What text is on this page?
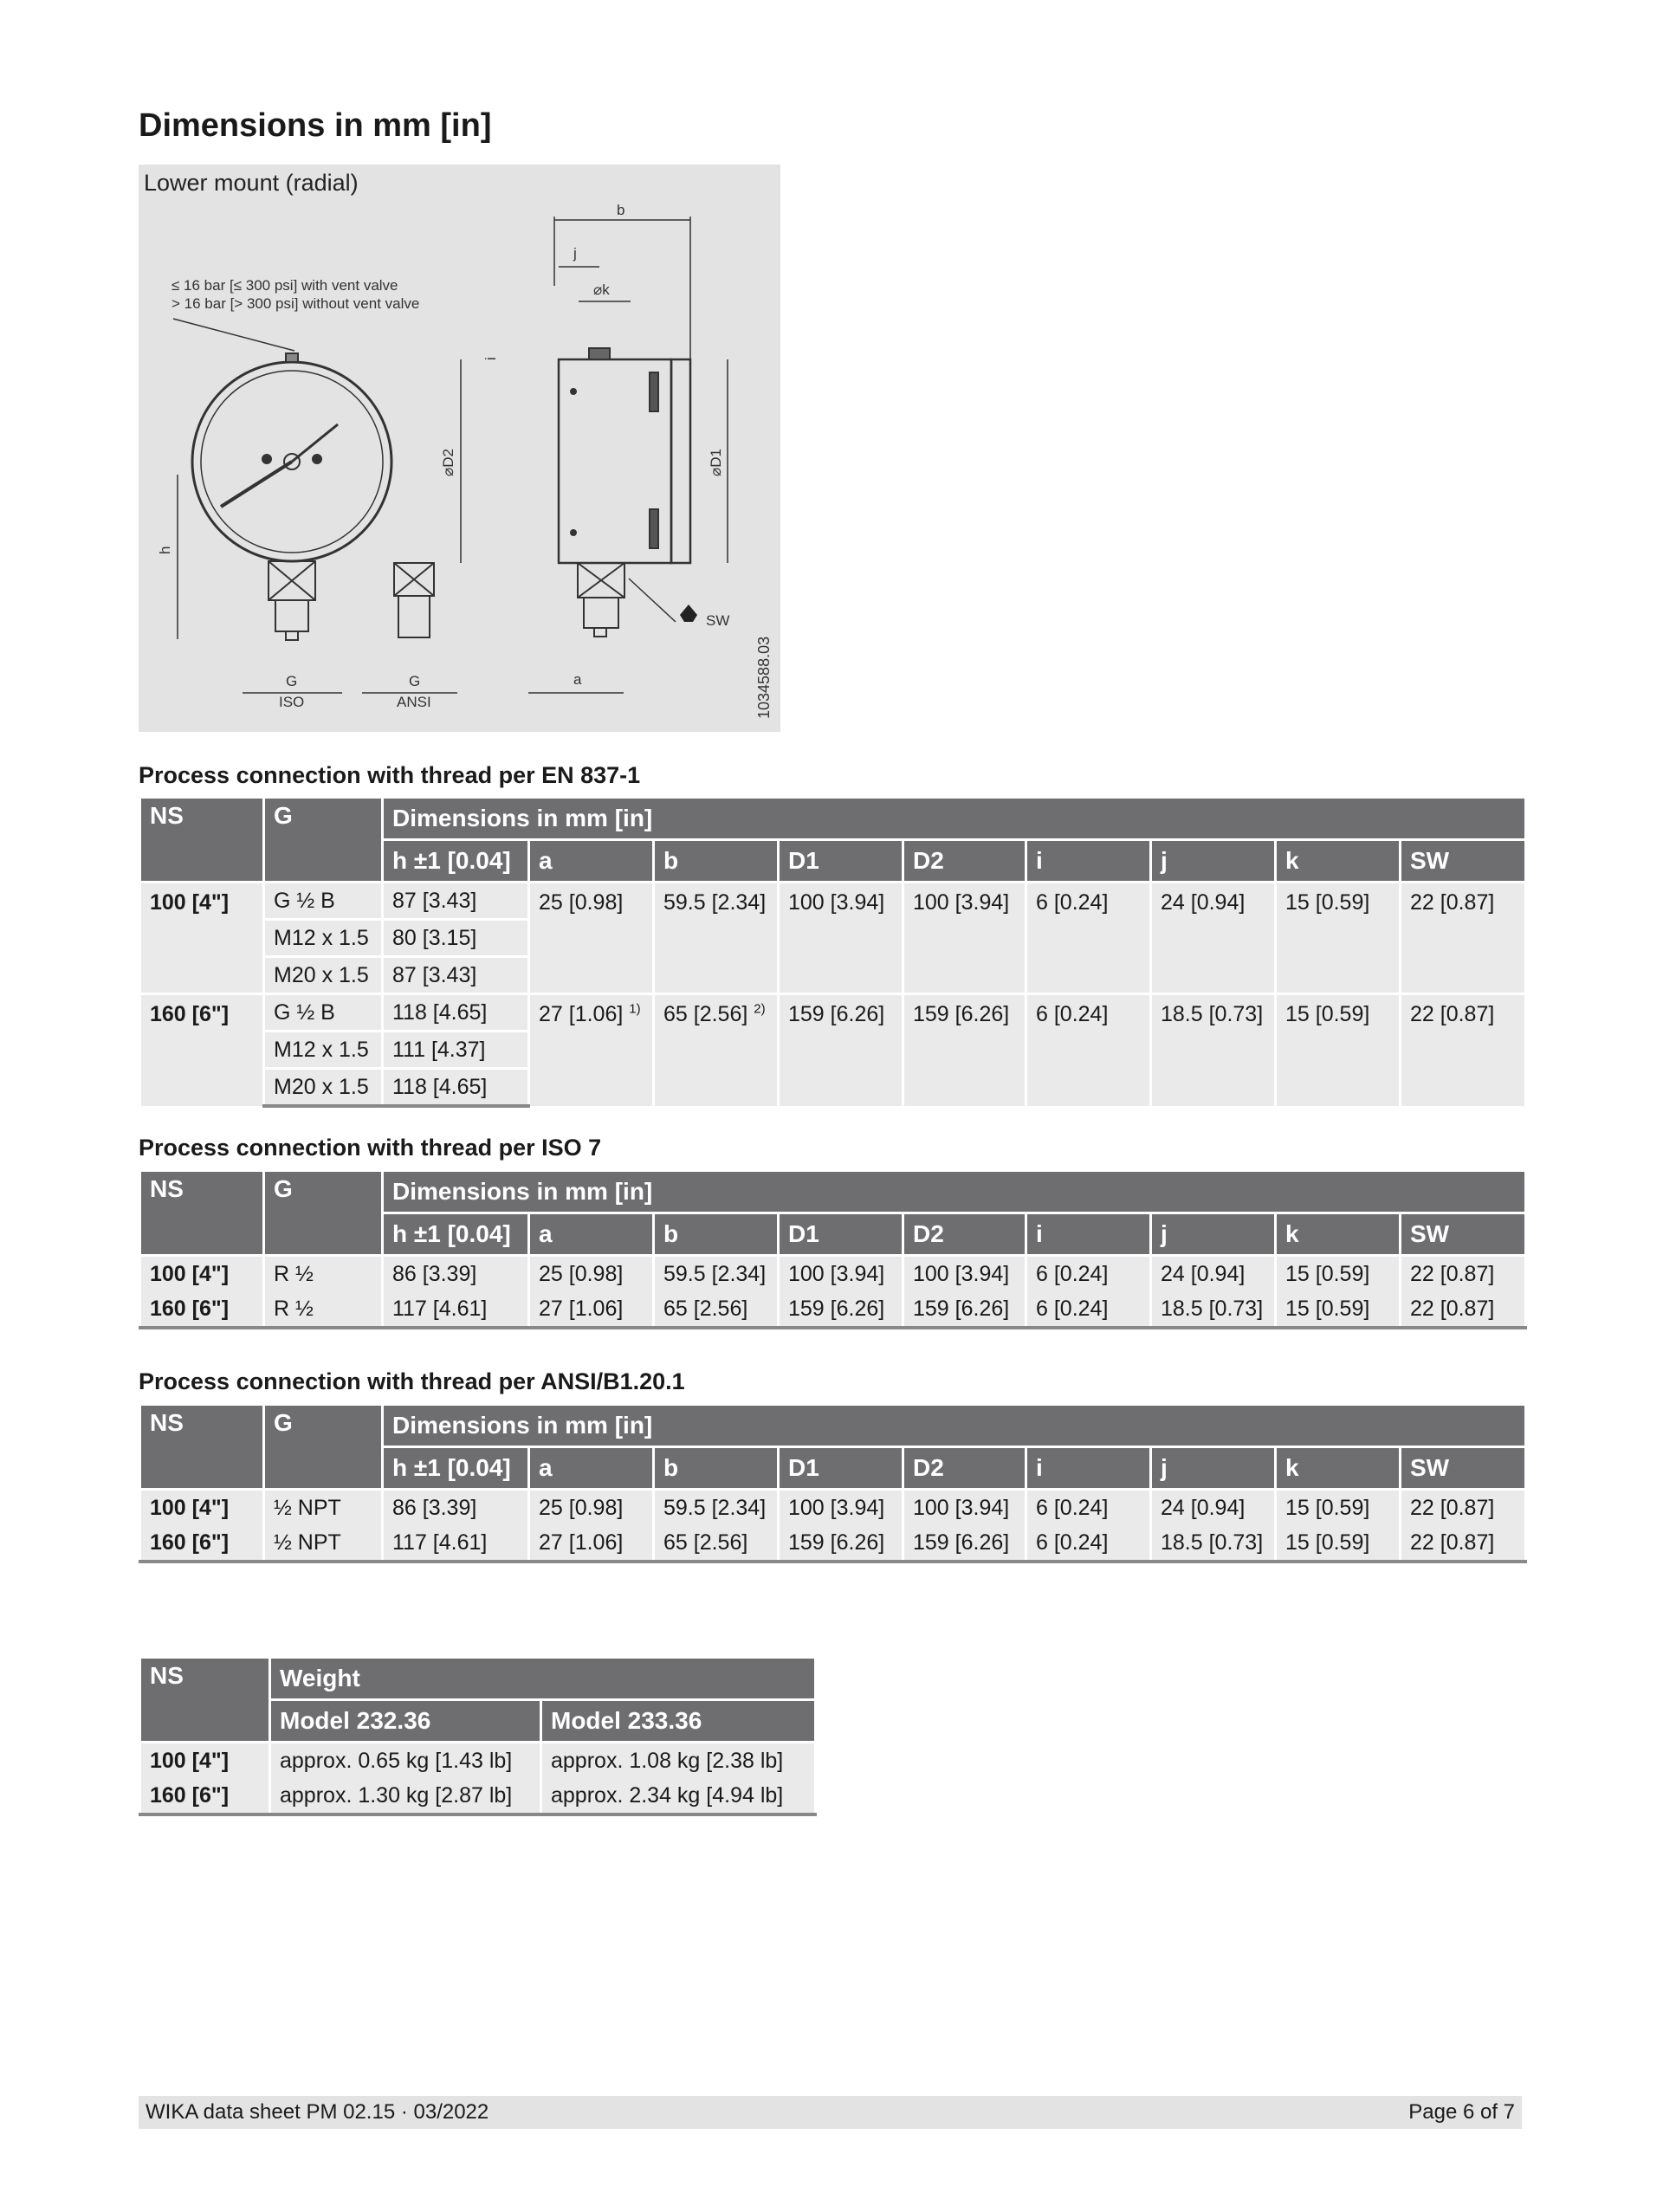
Dimensions in mm [in]
Lower mount (radial)
≤ 16 bar [≤ 300 psi] with vent valve
> 16 bar [> 300 psi] without vent valve
h
G
ISO
G
ANSI
b
j
⌀k
i
⌀D2	⌀D1
SW
a	1034588.03
Process connection with thread per EN 837-1
NS	G	Dimensions in mm [in]								
		h ±1 [0.04]	a	b	D1	D2	i	j	k	SW
100 [4"]	G ½ B	87 [3.43]	25 [0.98]	59.5 [2.34]	100 [3.94]	100 [3.94]	6 [0.24]	24 [0.94]	15 [0.59]	22 [0.87]
	M12 x 1.5	80 [3.15]								
	M20 x 1.5	87 [3.43]								
160 [6"]	G ½ B	118 [4.65]	27 [1.06] $^{1)}$	65 [2.56] $^{2)}$	159 [6.26]	159 [6.26]	6 [0.24]	18.5 [0.73]	15 [0.59]	22 [0.87]
	M12 x 1.5	111 [4.37]								
	M20 x 1.5	118 [4.65]								
Process connection with thread per ISO 7
NS	G	Dimensions in mm [in]								
		h ±1 [0.04]	a	b	D1	D2	i	j	k	SW
100 [4"]	R ½	86 [3.39]	25 [0.98]	59.5 [2.34]	100 [3.94]	100 [3.94]	6 [0.24]	24 [0.94]	15 [0.59]	22 [0.87]
160 [6"]	R ½	117 [4.61]	27 [1.06]	65 [2.56]	159 [6.26]	159 [6.26]	6 [0.24]	18.5 [0.73]	15 [0.59]	22 [0.87]
Process connection with thread per ANSI/B1.20.1
NS	G	Dimensions in mm [in]								
		h ±1 [0.04]	a	b	D1	D2	i	j	k	SW
100 [4"]	½ NPT	86 [3.39]	25 [0.98]	59.5 [2.34]	100 [3.94]	100 [3.94]	6 [0.24]	24 [0.94]	15 [0.59]	22 [0.87]
160 [6"]	½ NPT	117 [4.61]	27 [1.06]	65 [2.56]	159 [6.26]	159 [6.26]	6 [0.24]	18.5 [0.73]	15 [0.59]	22 [0.87]
NS	Weight	
	Model 232.36	Model 233.36
100 [4"]	approx. 0.65 kg [1.43 lb]	approx. 1.08 kg [2.38 lb]
160 [6"]	approx. 1.30 kg [2.87 lb]	approx. 2.34 kg [4.94 lb]
WIKA data sheet PM 02.15 · 03/2022	Page 6 of 7
